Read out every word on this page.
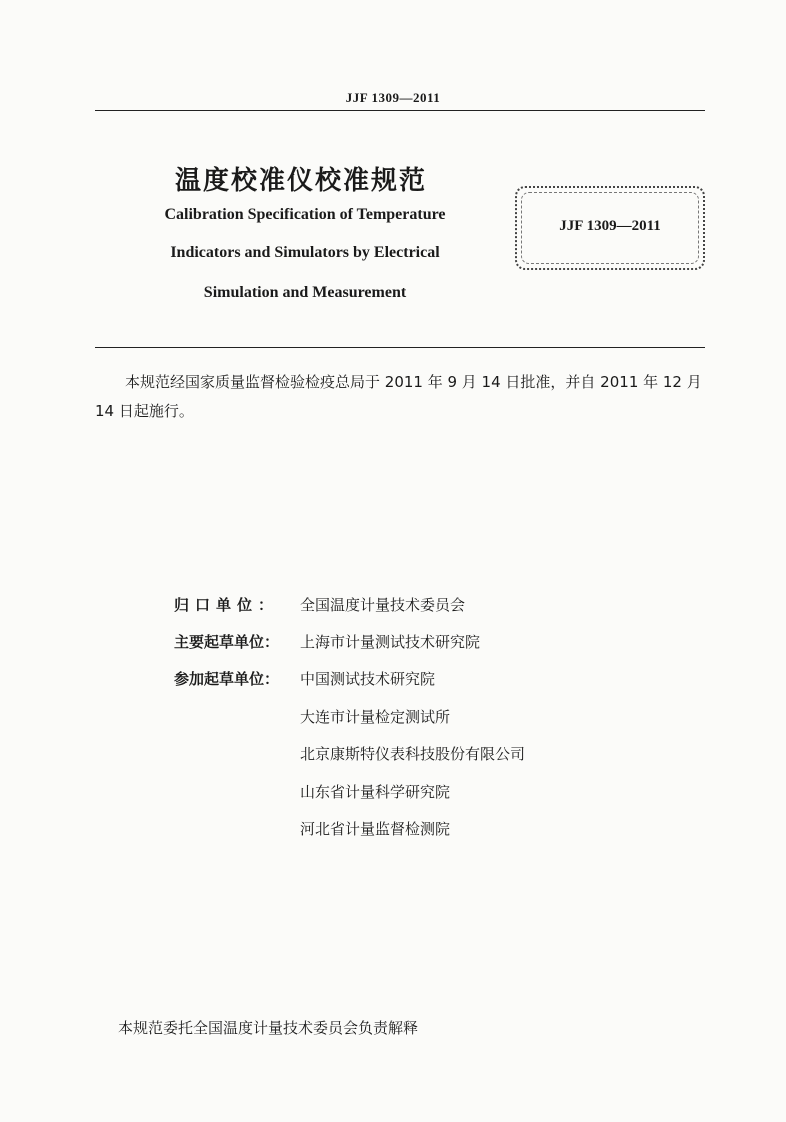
JJF 1309—2011
温度校准仪校准规范
Calibration Specification of Temperature
Indicators and Simulators by Electrical
Simulation and Measurement
JJF 1309—2011

本规范经国家质量监督检验检疫总局于 2011 年 9 月 14 日批准，并自 2011 年 12 月 14 日起施行。

归口单位： 全国温度计量技术委员会
主要起草单位： 上海市计量测试技术研究院
参加起草单位： 中国测试技术研究院
大连市计量检定测试所
北京康斯特仪表科技股份有限公司
山东省计量科学研究院
河北省计量监督检测院
本规范委托全国温度计量技术委员会负责解释
